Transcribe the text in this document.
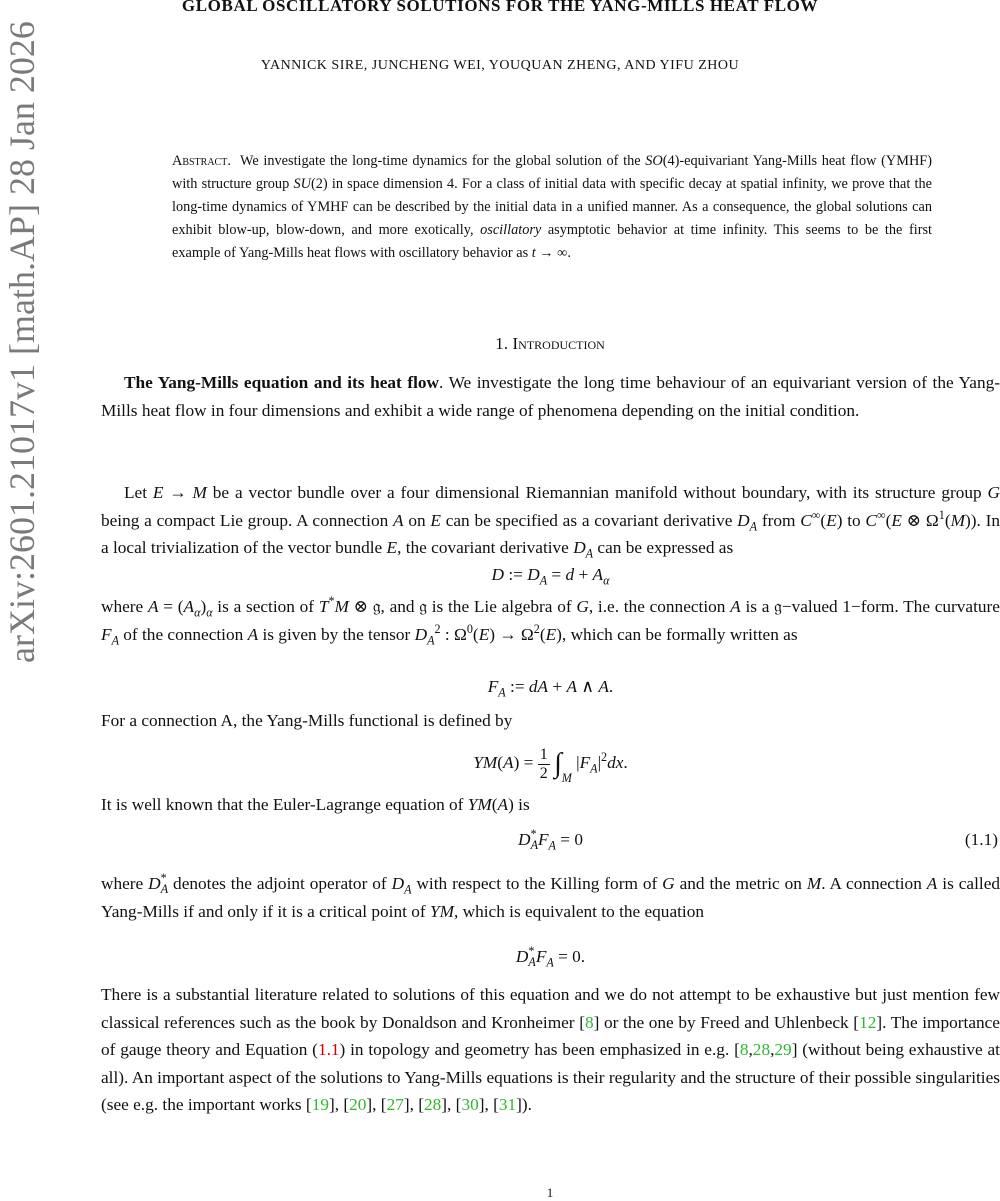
GLOBAL OSCILLATORY SOLUTIONS FOR THE YANG-MILLS HEAT FLOW
YANNICK SIRE, JUNCHENG WEI, YOUQUAN ZHENG, AND YIFU ZHOU
arXiv:2601.21017v1 [math.AP] 28 Jan 2026	Abstract.  We investigate the long-time dynamics for the global solution of the SO(4)-equivariant Yang-Mills heat flow (YMHF) with structure group SU(2) in space dimension 4. For a class of initial data with specific decay at spatial infinity, we prove that the long-time dynamics of YMHF can be described by the initial data in a unified manner. As a consequence, the global solutions can exhibit blow-up, blow-down, and more exotically, oscillatory asymptotic behavior at time infinity. This seems to be the first example of Yang-Mills heat flows with oscillatory behavior as t → ∞.
1. Introduction
The Yang-Mills equation and its heat flow. We investigate the long time behaviour of an equivariant version of the Yang-Mills heat flow in four dimensions and exhibit a wide range of phenomena depending on the initial condition.
Let E → M be a vector bundle over a four dimensional Riemannian manifold without boundary, with its structure group G being a compact Lie group. A connection A on E can be specified as a covariant derivative $D_A$ from C∞(E) to C∞(E ⊗ $\Omega^1(M)$). In a local trivialization of the vector bundle E, the covariant derivative $D_A$ can be expressed as
D := $D_A = d + A_\alpha$
where $A = (A_\alpha)_\alpha$ is a section of T*M ⊗ 𝔤, and 𝔤 is the Lie algebra of G, i.e. the connection A is a 𝔤−valued 1−form. The curvature $F_A$ of the connection A is given by the tensor $D_A^2$ : $\Omega^0(E) \to \Omega^2(E)$, which can be formally written as
$F_A$ := dA + A ∧ A.
For a connection A, the Yang-Mills functional is defined by
$YM(A) = \frac{1}{2} \int_M$ $|F_A|^2dx$.
It is well known that the Euler-Lagrange equation of YM(A) is
$D^*_AF_A = 0$	(1.1)
where $D^*_A$ denotes the adjoint operator of $D_A$ with respect to the Killing form of G and the metric on M. A connection A is called Yang-Mills if and only if it is a critical point of YM, which is equivalent to the equation
$D^*_AF_A = 0$.
There is a substantial literature related to solutions of this equation and we do not attempt to be exhaustive but just mention few classical references such as the book by Donaldson and Kronheimer [8] or the one by Freed and Uhlenbeck [12]. The importance of gauge theory and Equation (1.1) in topology and geometry has been emphasized in e.g. [8,28,29] (without being exhaustive at all). An important aspect of the solutions to Yang-Mills equations is their regularity and the structure of their possible singularities (see e.g. the important works [19], [20], [27], [28], [30], [31]).
1
